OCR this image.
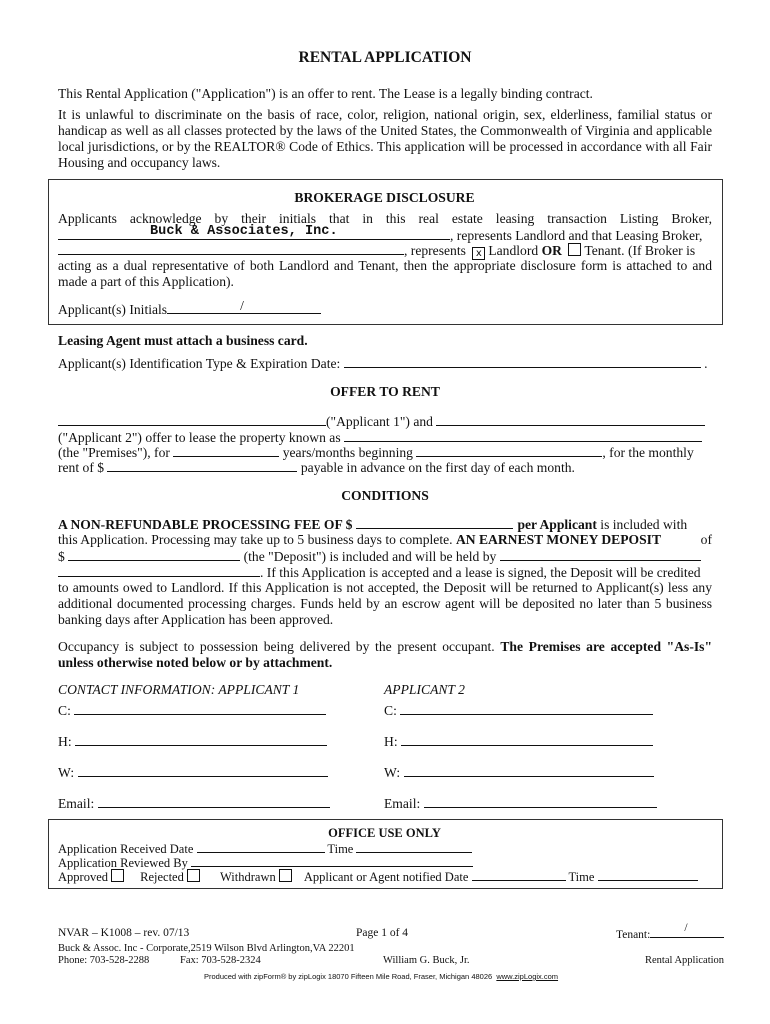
RENTAL APPLICATION
This Rental Application ("Application") is an offer to rent. The Lease is a legally binding contract.
It is unlawful to discriminate on the basis of race, color, religion, national origin, sex, elderliness, familial status or handicap as well as all classes protected by the laws of the United States, the Commonwealth of Virginia and applicable local jurisdictions, or by the REALTOR® Code of Ethics. This application will be processed in accordance with all Fair Housing and occupancy laws.
BROKERAGE DISCLOSURE
Applicants acknowledge by their initials that in this real estate leasing transaction Listing Broker,
Buck & Associates, Inc.	, represents Landlord and that Leasing Broker,
, represents x Landlord OR Tenant. (If Broker is
acting as a dual representative of both Landlord and Tenant, then the appropriate disclosure form is attached to and made a part of this Application).
Applicant(s) Initials	/
Leasing Agent must attach a business card.
Applicant(s) Identification Type & Expiration Date:	.
OFFER TO RENT
("Applicant 1") and
("Applicant 2") offer to lease the property known as
(the "Premises"), for	years/months beginning	, for the monthly
rent of $	payable in advance on the first day of each month.
CONDITIONS
A NON-REFUNDABLE PROCESSING FEE OF $	per Applicant
is included with
this Application. Processing may take up to 5 business days to complete. AN EARNEST MONEY DEPOSIT	of
$	(the "Deposit") is included and will be held by
. If this Application is accepted and a lease is signed, the Deposit will be credited
to amounts owed to Landlord. If this Application is not accepted, the Deposit will be returned to Applicant(s) less any additional documented processing charges. Funds held by an escrow agent will be deposited no later than 5 business banking days after Application has been approved.
Occupancy is subject to possession being delivered by the present occupant. The Premises are accepted "As-Is" unless otherwise noted below or by attachment.
CONTACT INFORMATION: APPLICANT 1	APPLICANT 2
C:	C:
H:	H:
W:	W:
Email:	Email:
OFFICE USE ONLY
Application Received Date	Time
Application Reviewed By
Approved	Rejected	Withdrawn Applicant or Agent notified Date	Time
NVAR – K1008 – rev. 07/13	Page 1 of 4	Tenant:
/
Buck & Assoc. Inc - Corporate,2519 Wilson Blvd Arlington,VA 22201
Phone: 703-528-2288	Fax: 703-528-2324	William G. Buck, Jr.	Rental Application
Produced with zipForm® by zipLogix 18070 Fifteen Mile Road, Fraser, Michigan 48026 www.zipLogix.com
